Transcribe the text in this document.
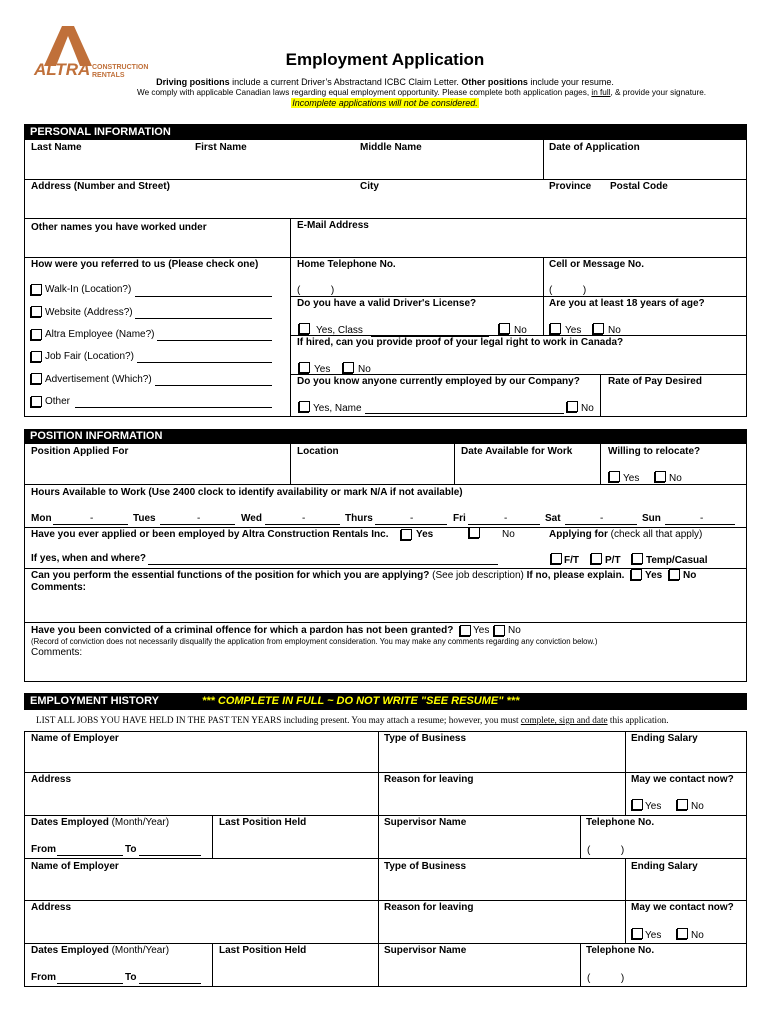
ALTRA CONSTRUCTION
RENTALS
Employment Application
Driving positions include a current Driver’s Abstractand ICBC Claim Letter. Other positions include your resume.
We comply with applicable Canadian laws regarding equal employment opportunity. Please complete both application pages, in full, & provide your signature.
Incomplete applications will not be considered.
PERSONAL INFORMATION
Last Name	First Name	Middle Name	Date of Application
Address (Number and Street)	City	Province Postal Code
Other names you have worked under	E-Mail Address
How were you referred to us (Please check one)	Home Telephone No.	Cell or Message No.
Walk-In (Location?)
Website (Address?)
Altra Employee (Name?)
Job Fair (Location?)
Advertisement (Which?)
Other
(           )	(           )
Do you have a valid Driver's License?	Are you at least 18 years of age?
Yes, Class	No	Yes	No
If hired, can you provide proof of your legal right to work in Canada?
Yes	No
Do you know anyone currently employed by our Company?	Rate of Pay Desired
Yes, Name	No
POSITION INFORMATION
Position Applied For	Location	Date Available for Work	Willing to relocate?
Yes	No
Hours Available to Work (Use 2400 clock to identify availability or mark N/A if not available)
Mon	-	Tues	-	Wed	-	Thurs	-	Fri	-	Sat	-	Sun	-
Have you ever applied or been employed by Altra Construction Rentals Inc.	Yes	No	Applying for (check all that apply)
If yes, when and where?	F/T	P/T	Temp/Casual
Can you perform the essential functions of the position for which you are applying? (See job description) If no, please explain. Yes No
Comments:
Have you been convicted of a criminal offence for which a pardon has not been granted? Yes No
(Record of conviction does not necessarily disqualify the application from employment consideration. You may make any comments regarding any conviction below.)
Comments:
EMPLOYMENT HISTORY	*** COMPLETE IN FULL ~ DO NOT WRITE "SEE RESUME" ***
LIST ALL JOBS YOU HAVE HELD IN THE PAST TEN YEARS including present. You may attach a resume; however, you must complete, sign and date this application.
Name of Employer	Type of Business	Ending Salary
Address	Reason for leaving	May we contact now?
Yes	No
Dates Employed (Month/Year)	Last Position Held	Supervisor Name	Telephone No.
From	To	(           )
Name of Employer	Type of Business	Ending Salary
Address	Reason for leaving	May we contact now?
Yes	No
Dates Employed (Month/Year)	Last Position Held	Supervisor Name	Telephone No.
From	To	(           )
